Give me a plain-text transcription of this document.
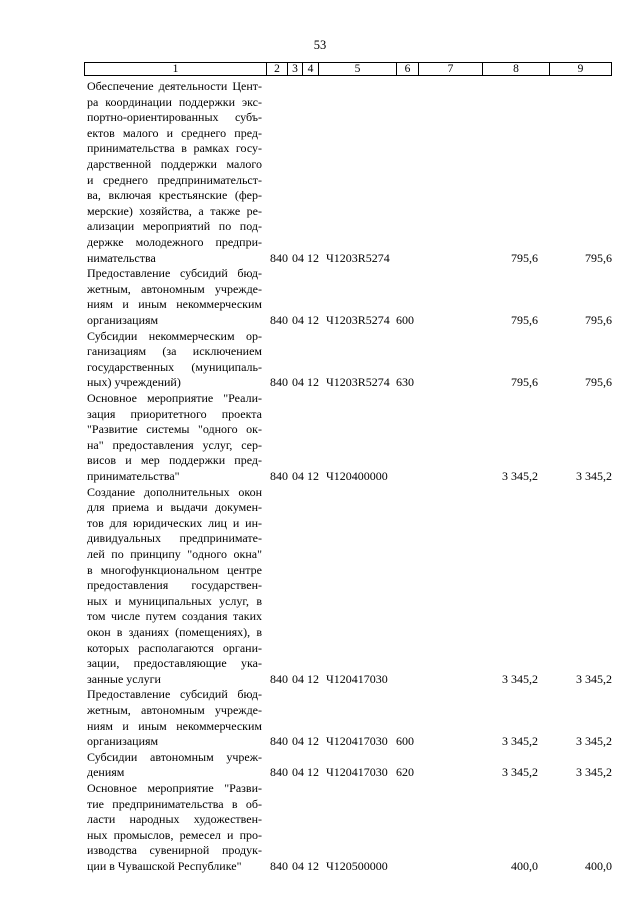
53
1	2	3 4	5	6	7	8	9
Обеспечение деятельности Цент-
ра координации поддержки экс-
портно-ориентированных субъ-
ектов малого и среднего пред-
принимательства в рамках госу-
дарственной поддержки малого
и среднего предпринимательст-
ва, включая крестьянские (фер-
мерские) хозяйства, а также ре-
ализации мероприятий по под-
держке молодежного предпри-
нимательства	840 04 12 Ч1203R5274	795,6	795,6
Предоставление субсидий бюд-
жетным, автономным учрежде-
ниям и иным некоммерческим
организациям	840 04 12 Ч1203R5274 600	795,6	795,6
Субсидии некоммерческим ор-
ганизациям (за исключением
государственных (муниципаль-
ных) учреждений)	840 04 12 Ч1203R5274 630	795,6	795,6
Основное мероприятие "Реали-
зация приоритетного проекта
"Развитие системы "одного ок-
на" предоставления услуг, сер-
висов и мер поддержки пред-
принимательства"	840 04 12 Ч120400000	3 345,2	3 345,2
Создание дополнительных окон
для приема и выдачи докумен-
тов для юридических лиц и ин-
дивидуальных предпринимате-
лей по принципу "одного окна"
в многофункциональном центре
предоставления государствен-
ных и муниципальных услуг, в
том числе путем создания таких
окон в зданиях (помещениях), в
которых располагаются органи-
зации, предоставляющие ука-
занные услуги	840 04 12 Ч120417030	3 345,2	3 345,2
Предоставление субсидий бюд-
жетным, автономным учрежде-
ниям и иным некоммерческим
организациям	840 04 12 Ч120417030 600	3 345,2	3 345,2
Субсидии автономным учреж-
дениям	840 04 12 Ч120417030 620	3 345,2	3 345,2
Основное мероприятие "Разви-
тие предпринимательства в об-
ласти народных художествен-
ных промыслов, ремесел и про-
изводства сувенирной продук-
ции в Чувашской Республике"	840 04 12 Ч120500000	400,0	400,0
